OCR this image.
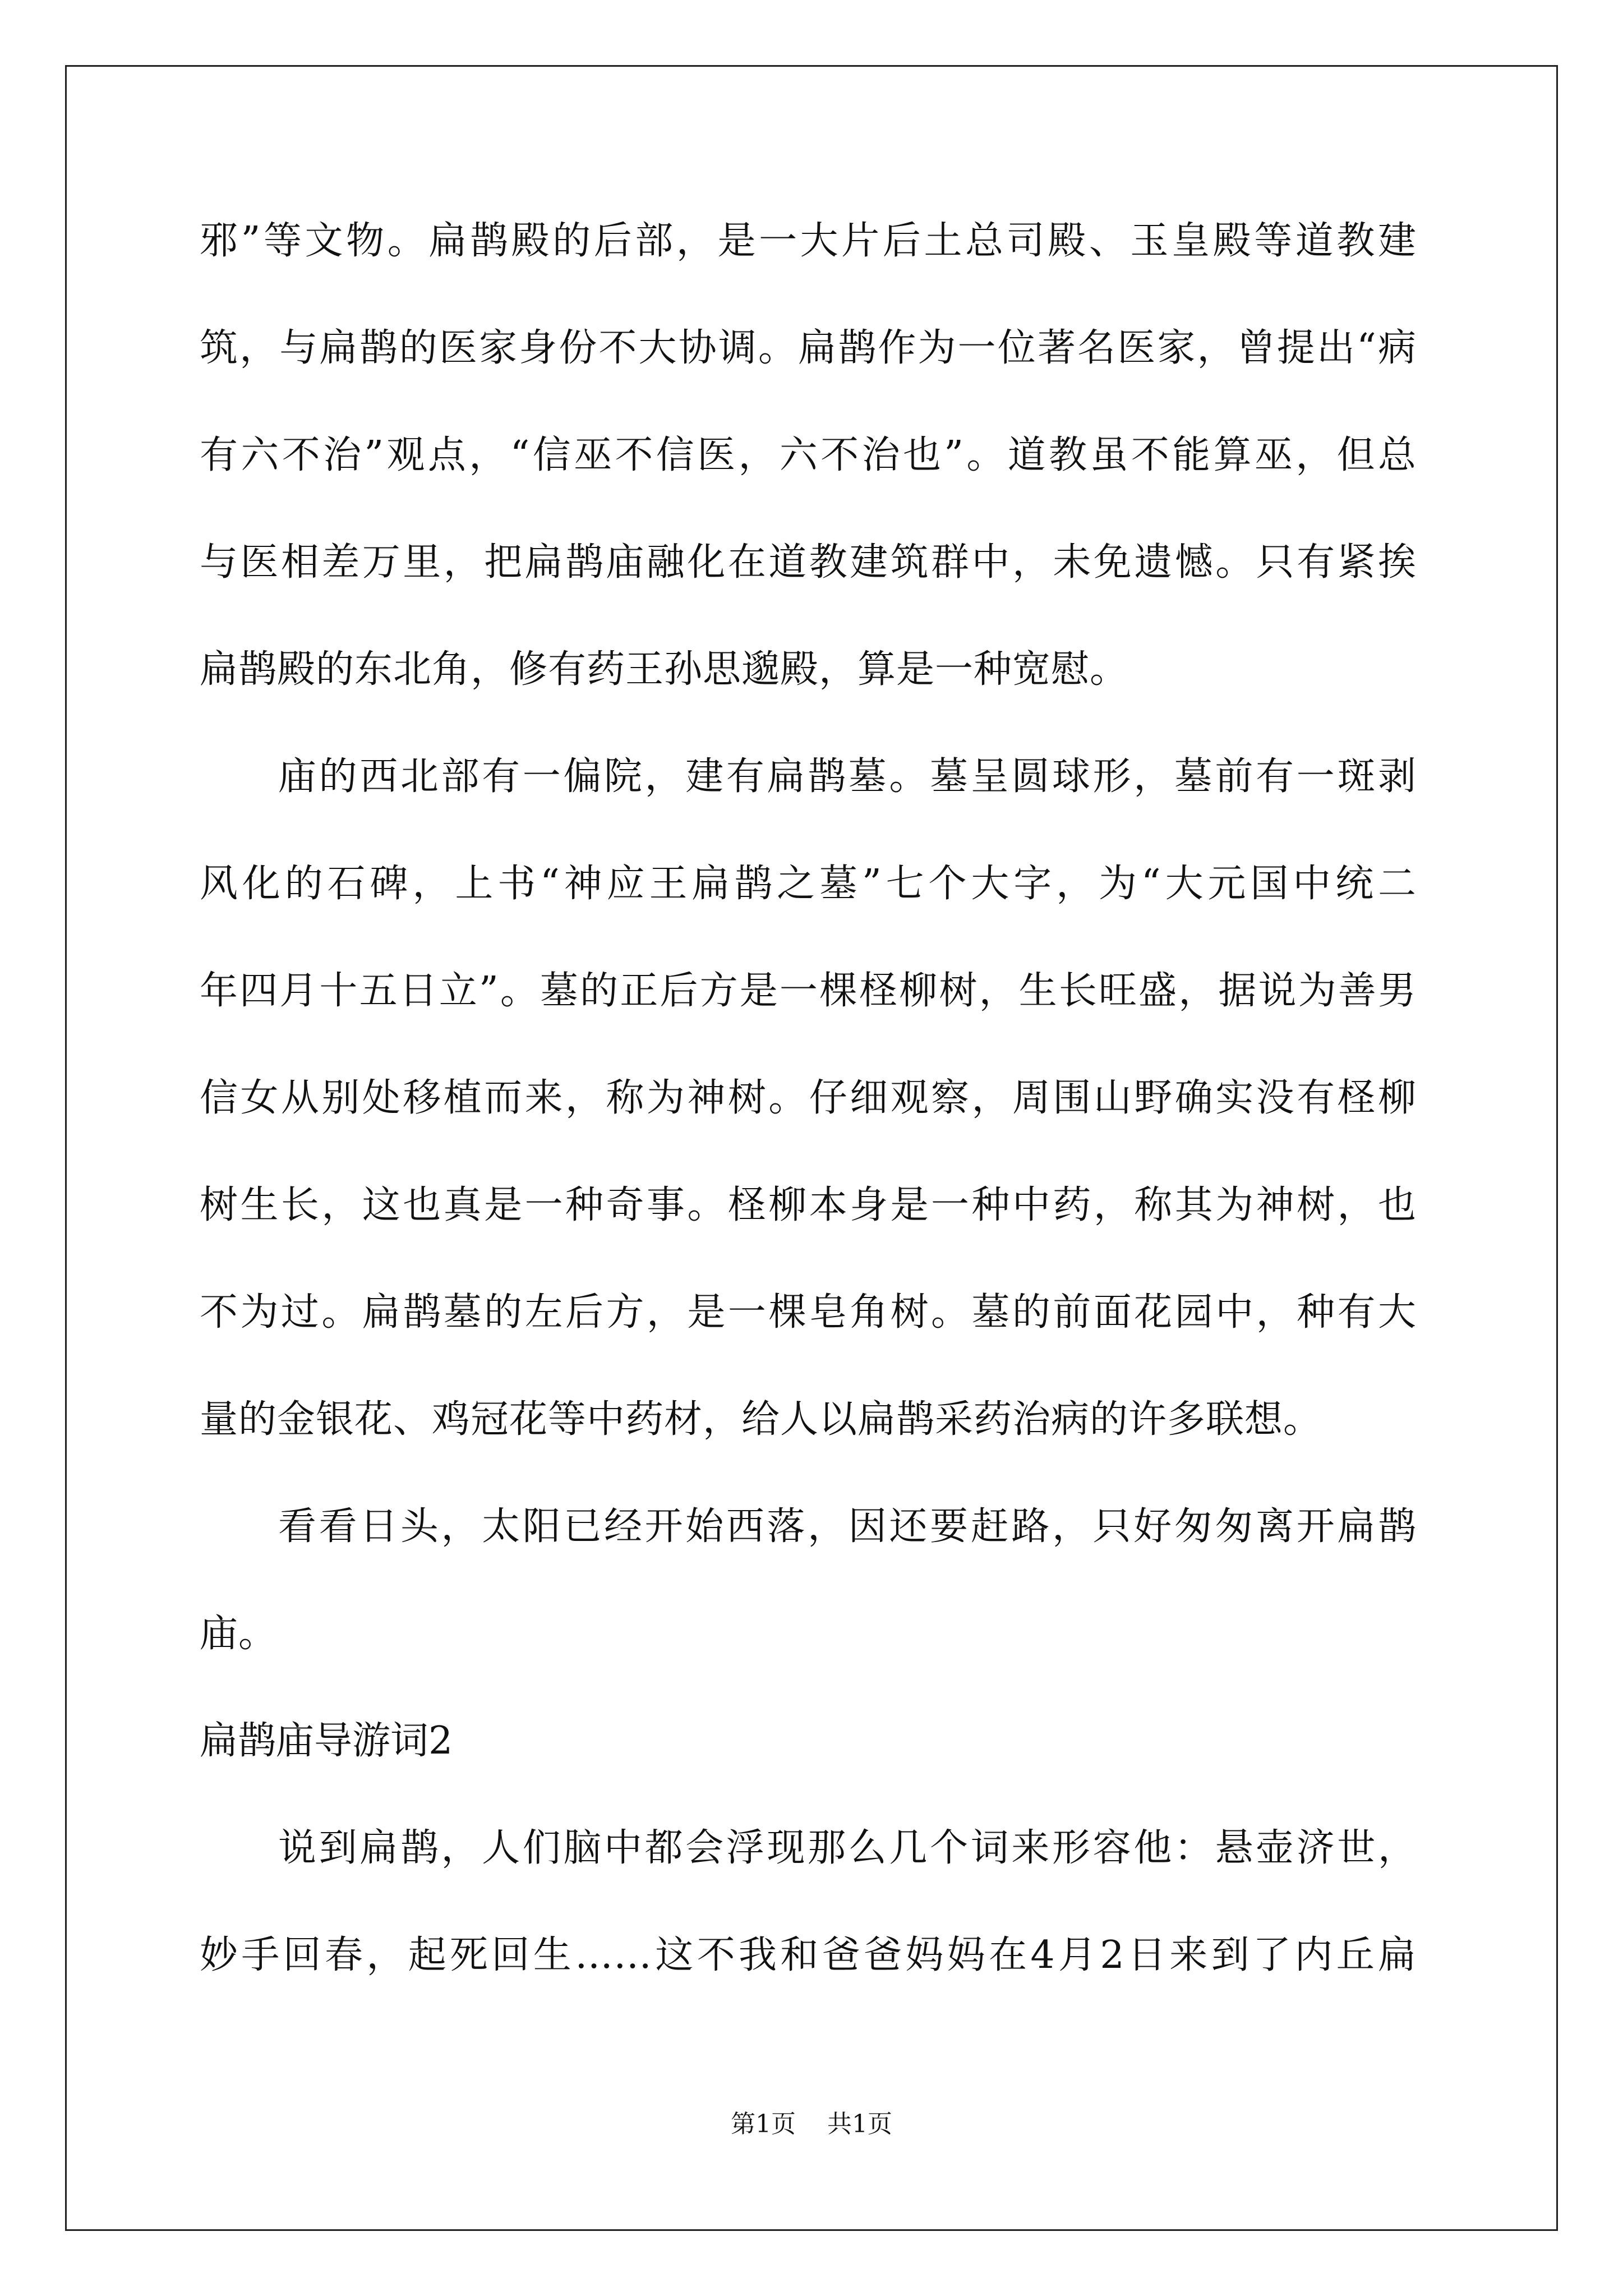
邪”等文物。扁鹊殿的后部，是一大片后土总司殿、玉皇殿等道教建
筑，与扁鹊的医家身份不大协调。扁鹊作为一位著名医家，曾提出“病
有六不治”观点，“信巫不信医，六不治也”。道教虽不能算巫，但总
与医相差万里，把扁鹊庙融化在道教建筑群中，未免遗憾。只有紧挨
扁鹊殿的东北角，修有药王孙思邈殿，算是一种宽慰。
庙的西北部有一偏院，建有扁鹊墓。墓呈圆球形，墓前有一斑剥
风化的石碑，上书“神应王扁鹊之墓”七个大字，为“大元国中统二
年四月十五日立”。墓的正后方是一棵柽柳树，生长旺盛，据说为善男
信女从别处移植而来，称为神树。仔细观察，周围山野确实没有柽柳
树生长，这也真是一种奇事。柽柳本身是一种中药，称其为神树，也
不为过。扁鹊墓的左后方，是一棵皂角树。墓的前面花园中，种有大
量的金银花、鸡冠花等中药材，给人以扁鹊采药治病的许多联想。
看看日头，太阳已经开始西落，因还要赶路，只好匆匆离开扁鹊
庙。
扁鹊庙导游词2
说到扁鹊，人们脑中都会浮现那么几个词来形容他：悬壶济世，
妙手回春，起死回生……这不我和爸爸妈妈在4月2日来到了内丘扁
第1页 共1页
